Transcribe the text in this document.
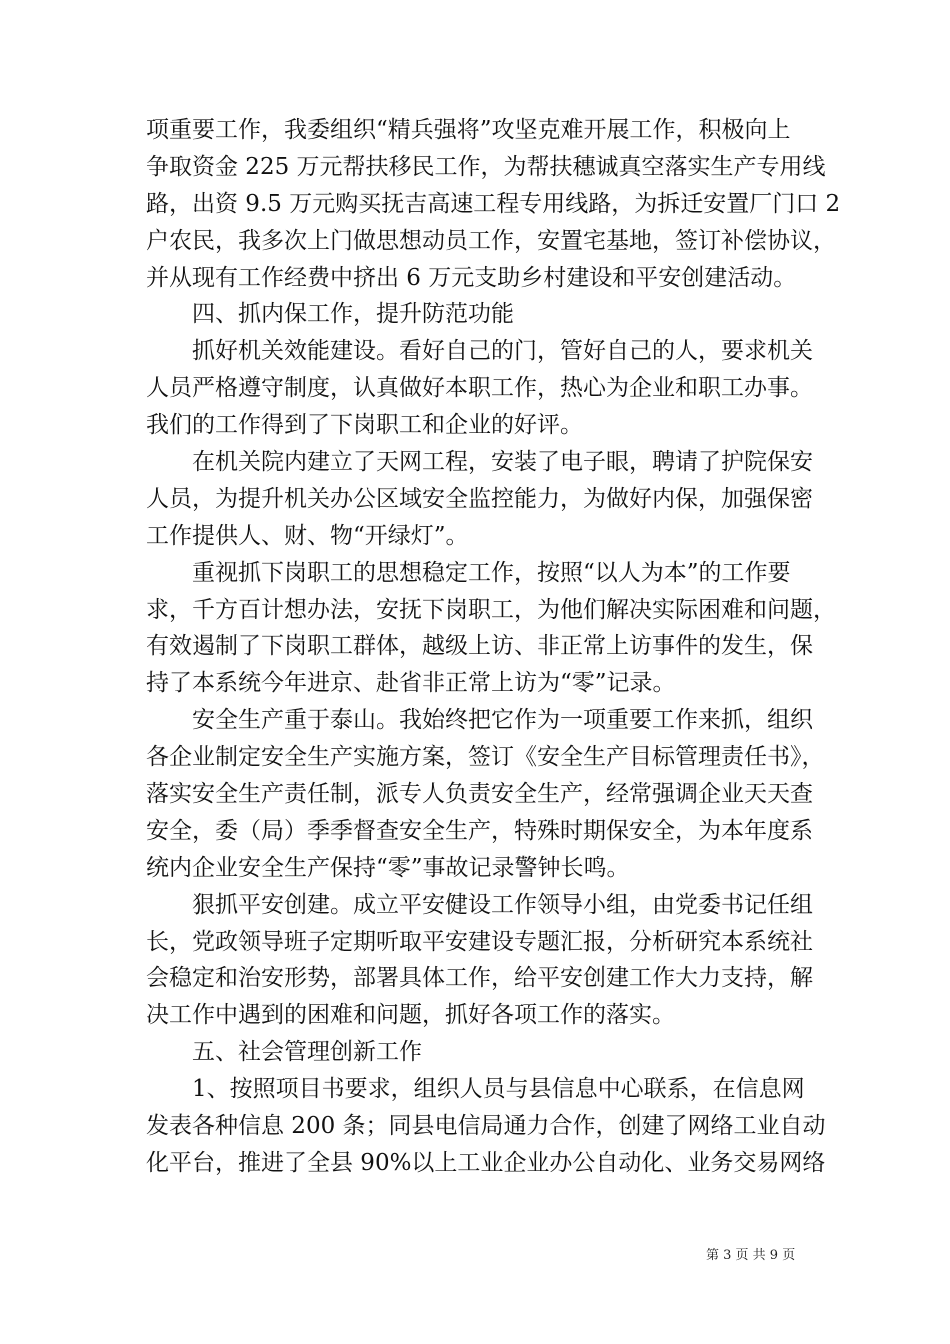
项重要工作，我委组织“精兵强将”攻坚克难开展工作，积极向上
争取资金 225 万元帮扶移民工作，为帮扶穗诚真空落实生产专用线
路，出资 9.5 万元购买抚吉高速工程专用线路，为拆迁安置厂门口 2
户农民，我多次上门做思想动员工作，安置宅基地，签订补偿协议，
并从现有工作经费中挤出 6 万元支助乡村建设和平安创建活动。
　　四、抓内保工作，提升防范功能
　　抓好机关效能建设。看好自己的门，管好自己的人，要求机关
人员严格遵守制度，认真做好本职工作，热心为企业和职工办事。
我们的工作得到了下岗职工和企业的好评。
　　在机关院内建立了天网工程，安装了电子眼，聘请了护院保安
人员，为提升机关办公区域安全监控能力，为做好内保，加强保密
工作提供人、财、物“开绿灯”。
　　重视抓下岗职工的思想稳定工作，按照“以人为本”的工作要
求，千方百计想办法，安抚下岗职工，为他们解决实际困难和问题，
有效遏制了下岗职工群体，越级上访、非正常上访事件的发生，保
持了本系统今年进京、赴省非正常上访为“零”记录。
　　安全生产重于泰山。我始终把它作为一项重要工作来抓，组织
各企业制定安全生产实施方案，签订《安全生产目标管理责任书》，
落实安全生产责任制，派专人负责安全生产，经常强调企业天天查
安全，委（局）季季督查安全生产，特殊时期保安全，为本年度系
统内企业安全生产保持“零”事故记录警钟长鸣。
　　狠抓平安创建。成立平安健设工作领导小组，由党委书记任组
长，党政领导班子定期听取平安建设专题汇报，分析研究本系统社
会稳定和治安形势，部署具体工作，给平安创建工作大力支持，解
决工作中遇到的困难和问题，抓好各项工作的落实。
　　五、社会管理创新工作
　　1、按照项目书要求，组织人员与县信息中心联系，在信息网
发表各种信息 200 条；同县电信局通力合作，创建了网络工业自动
化平台，推进了全县 90%以上工业企业办公自动化、业务交易网络
第 3 页 共 9 页
